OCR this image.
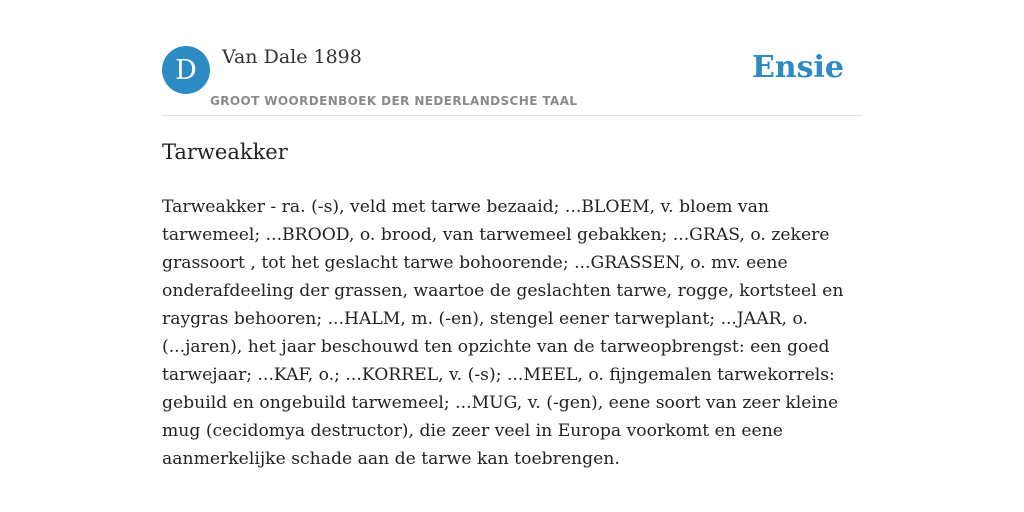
D Van Dale 1898
GROOT WOORDENBOEK DER NEDERLANDSCHE TAAL
Ensie
Tarweakker

Tarweakker - ra. (-s), veld met tarwe bezaaid; ...BLOEM, v. bloem van tarwemeel; ...BROOD, o. brood, van tarwemeel gebakken; ...GRAS, o. zekere grassoort , tot het geslacht tarwe bohoorende; ...GRASSEN, o. mv. eene onderafdeeling der grassen, waartoe de geslachten tarwe, rogge, kortsteel en raygras behooren; ...HALM, m. (-en), stengel eener tarweplant; ...JAAR, o. (...jaren), het jaar beschouwd ten opzichte van de tarweopbrengst: een goed tarwejaar; ...KAF, o.; ...KORREL, v. (-s); ...MEEL, o. fijngemalen tarwekorrels: gebuild en ongebuild tarwemeel; ...MUG, v. (-gen), eene soort van zeer kleine mug (cecidomya destructor), die zeer veel in Europa voorkomt en eene aanmerkelijke schade aan de tarwe kan toebrengen.
